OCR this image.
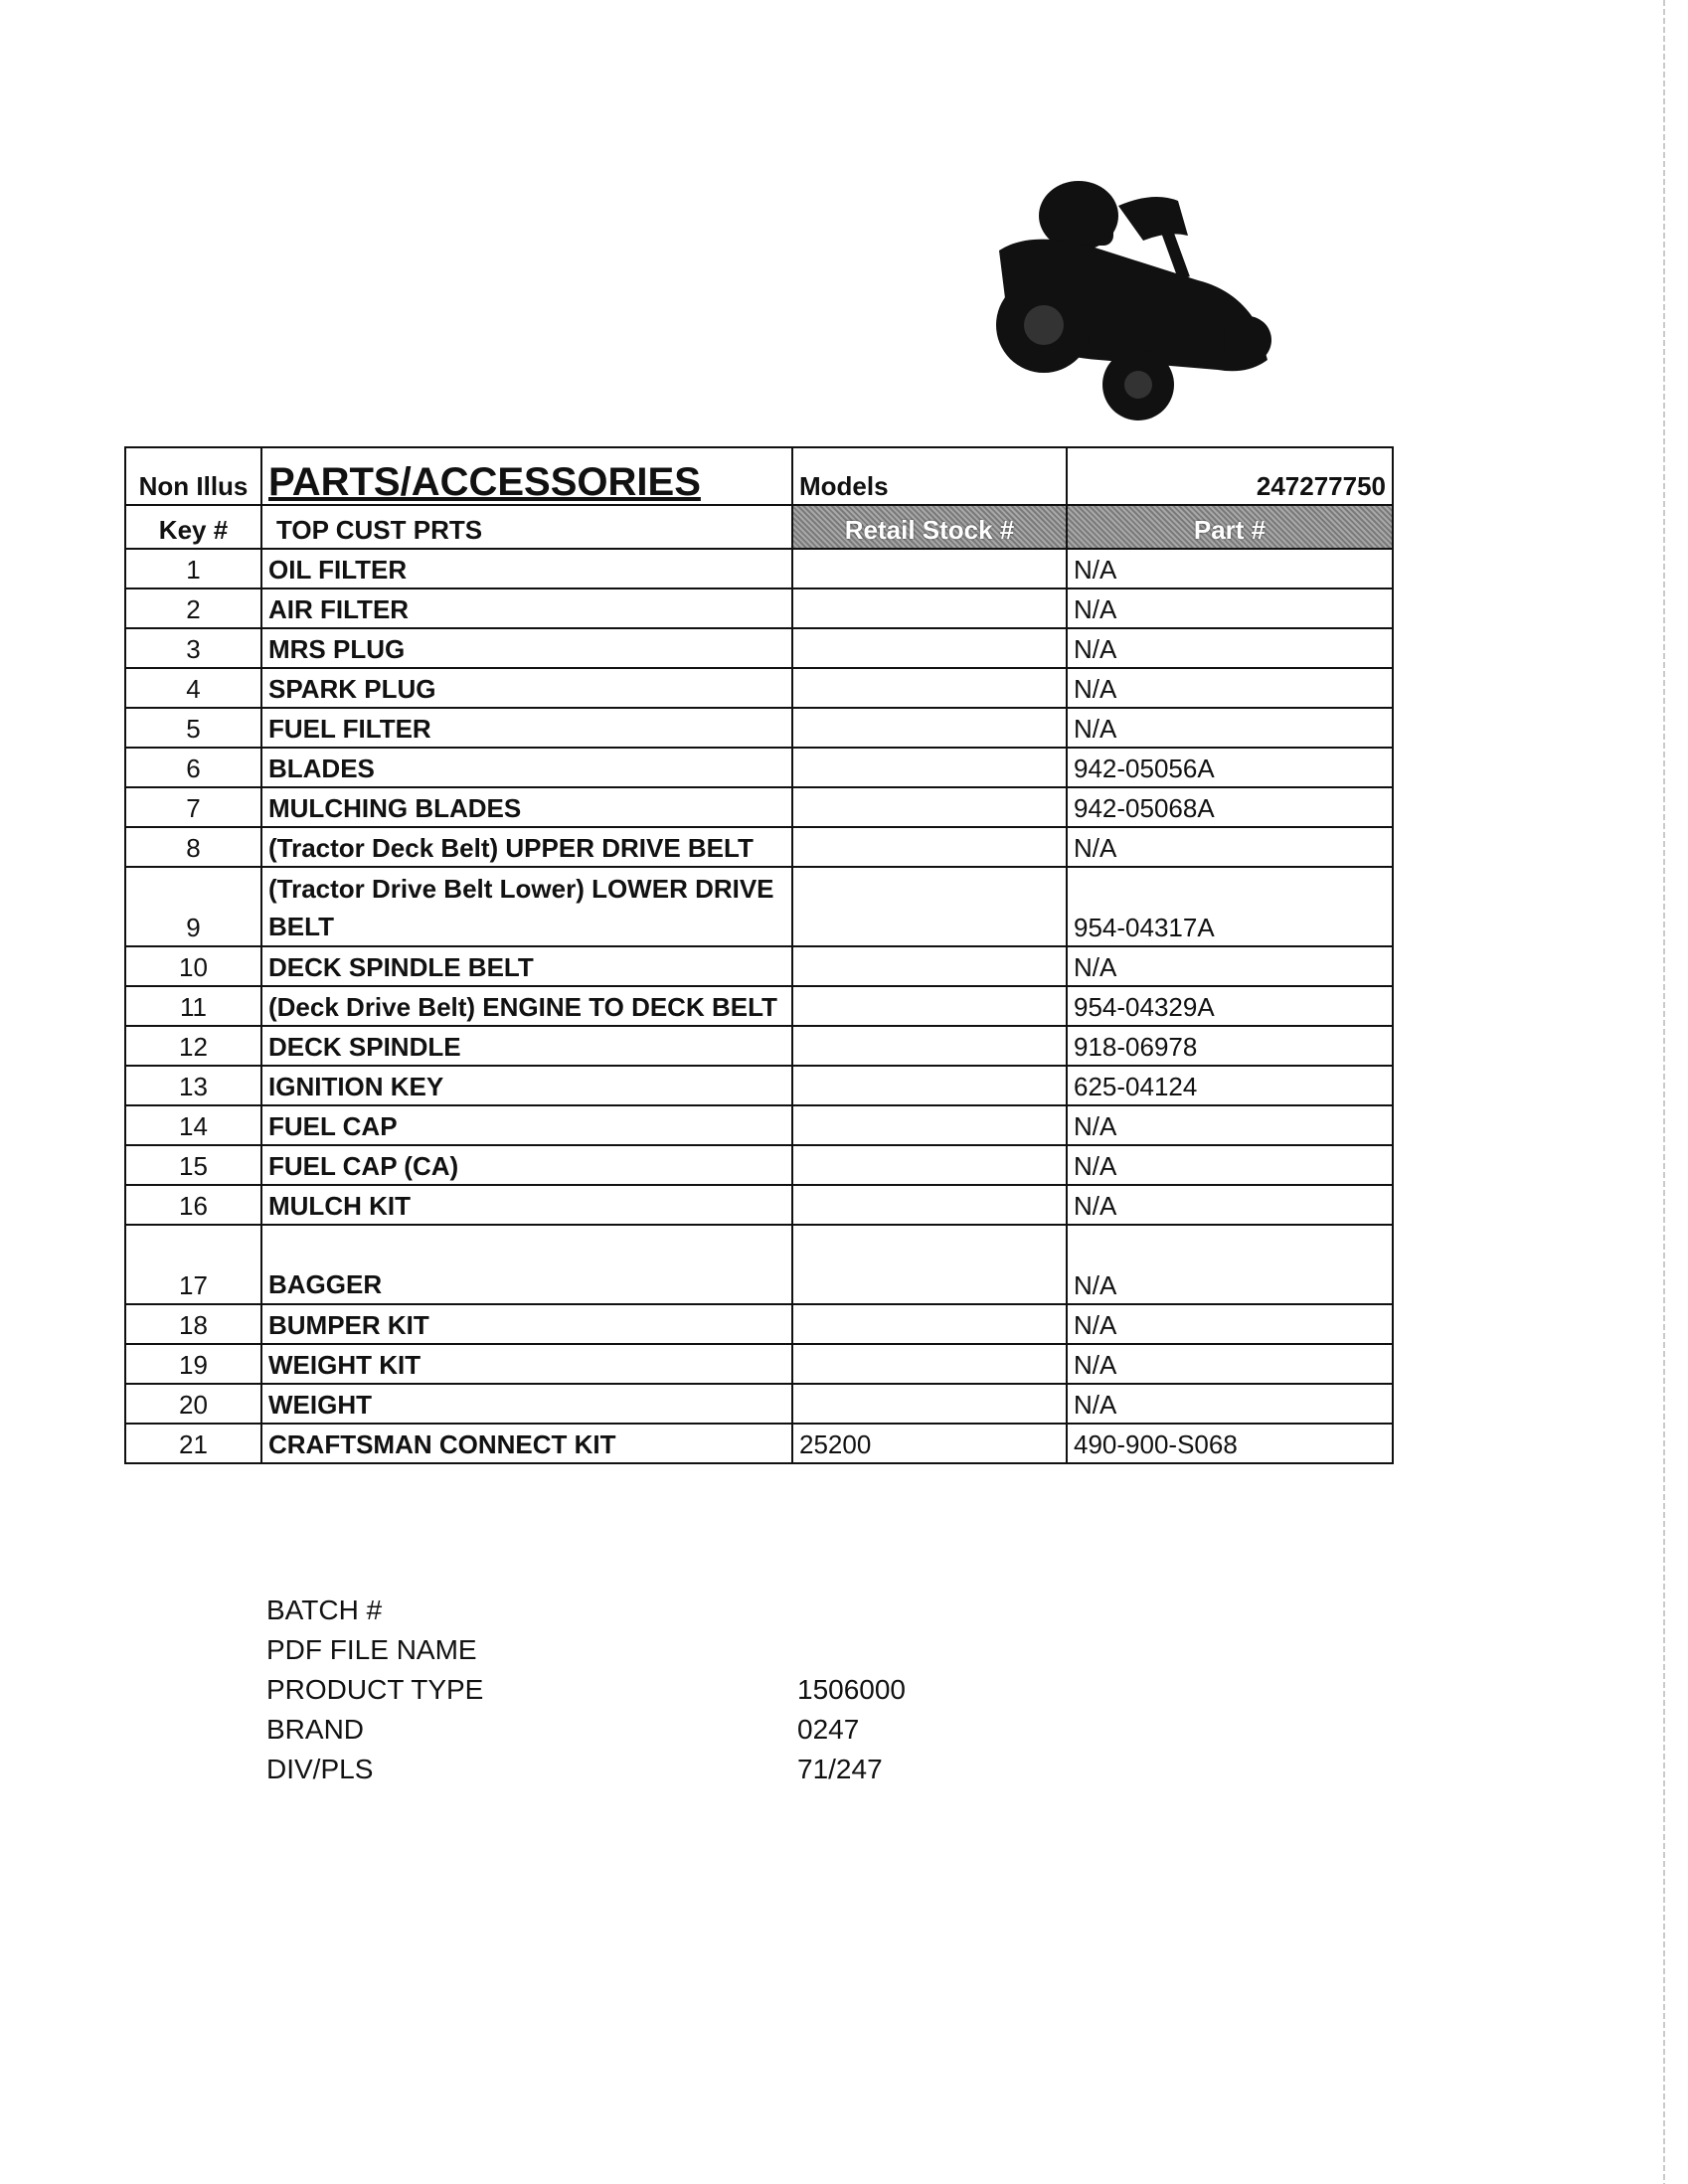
Non Illus	PARTS/ACCESSORIES	Models	247277750
Key #	TOP CUST PRTS	Retail Stock #	Part #
1	OIL FILTER		N/A
2	AIR FILTER		N/A
3	MRS PLUG		N/A
4	SPARK PLUG		N/A
5	FUEL FILTER		N/A
6	BLADES		942-05056A
7	MULCHING BLADES		942-05068A
8	(Tractor Deck Belt) UPPER DRIVE BELT		N/A
9	(Tractor Drive Belt Lower) LOWER DRIVE BELT		954-04317A
10	DECK SPINDLE BELT		N/A
11	(Deck Drive Belt) ENGINE TO DECK BELT		954-04329A
12	DECK SPINDLE		918-06978
13	IGNITION KEY		625-04124
14	FUEL CAP		N/A
15	FUEL CAP (CA)		N/A
16	MULCH KIT		N/A
17	BAGGER		N/A
18	BUMPER KIT		N/A
19	WEIGHT KIT		N/A
20	WEIGHT		N/A
21	CRAFTSMAN CONNECT KIT	25200	490-900-S068
BATCH #
PDF FILE NAME
PRODUCT TYPE	1506000
BRAND	0247
DIV/PLS	71/247
